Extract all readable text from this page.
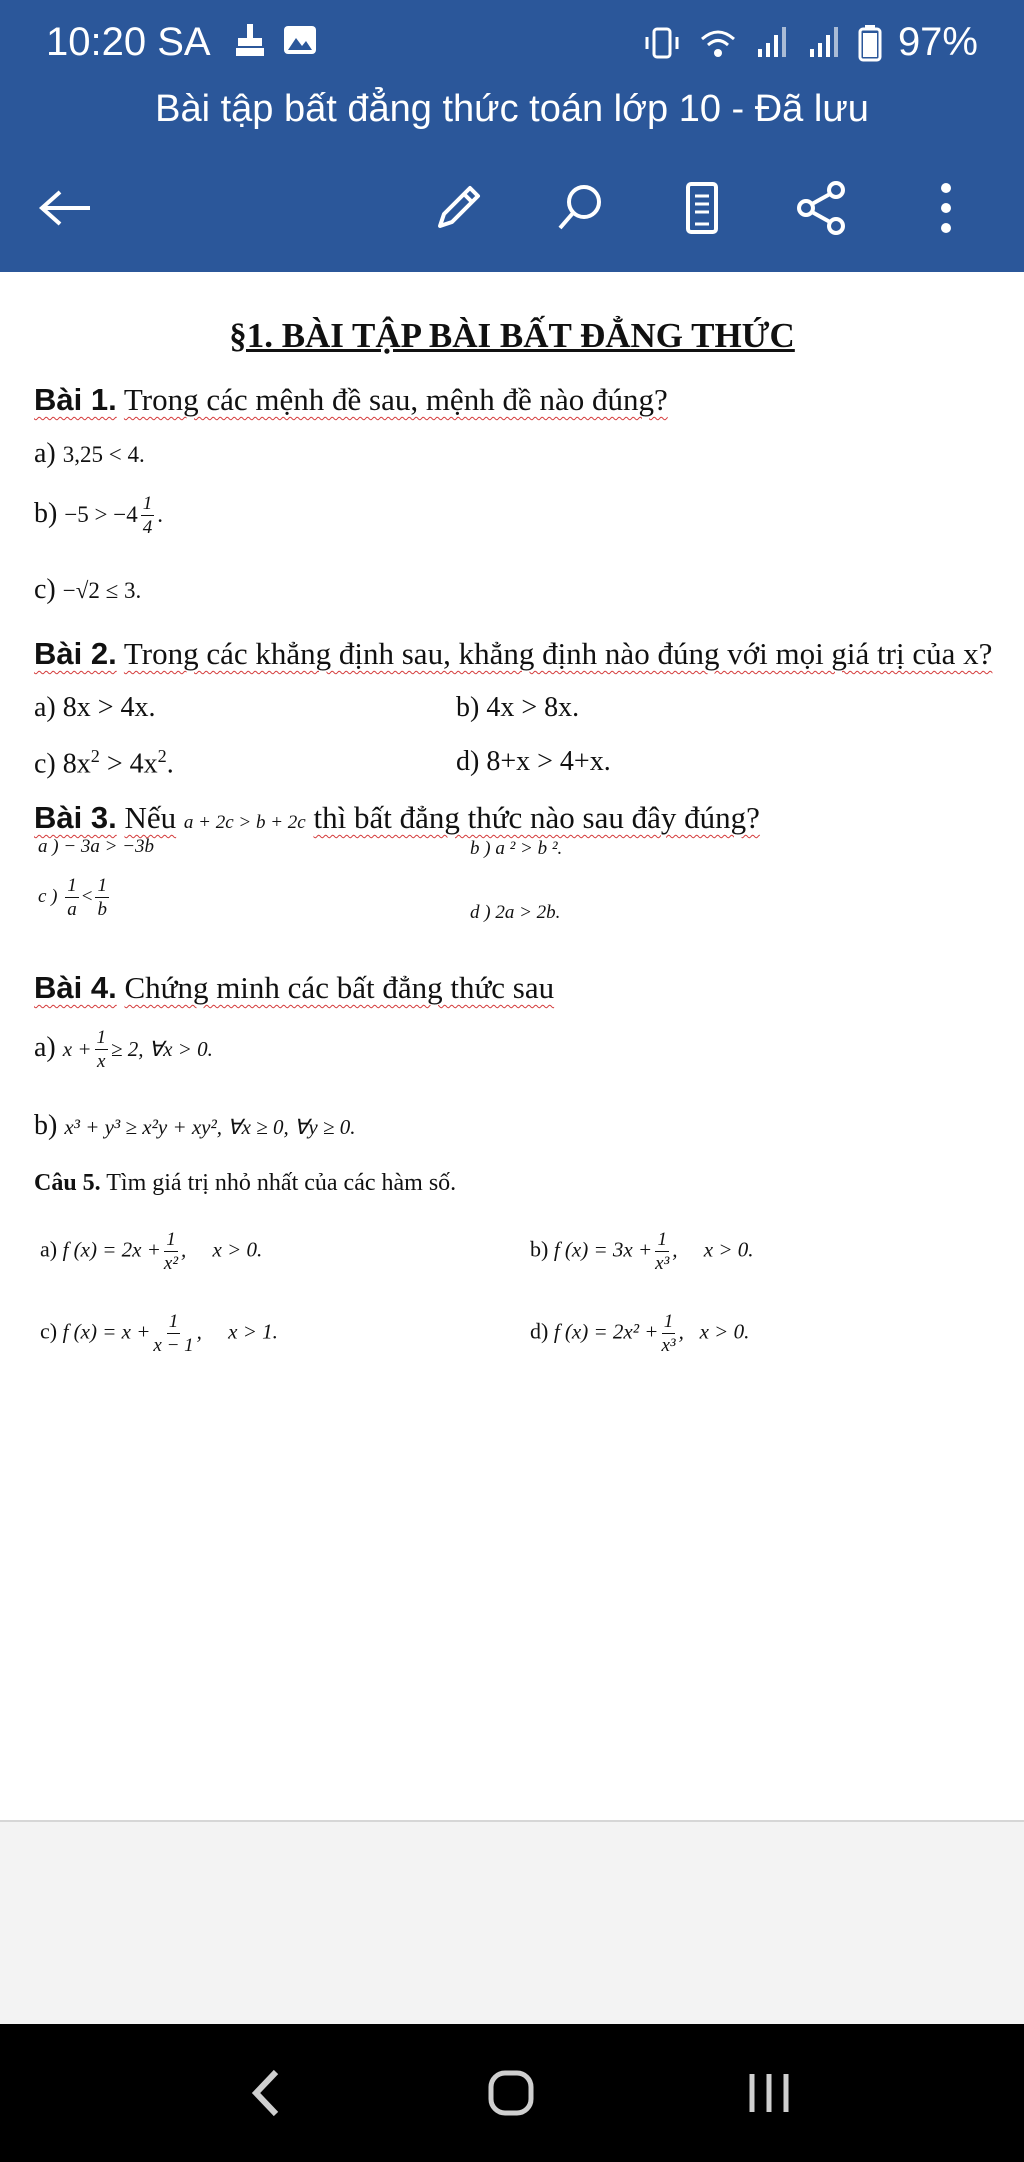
10:20 SA	97%
Bài tập bất đẳng thức toán lớp 10 - Đã lưu
§1. BÀI TẬP BÀI BẤT ĐẲNG THỨC
Bài 1. Trong các mệnh đề sau, mệnh đề nào đúng?
a) 3,25 < 4.
$b) -5 > -4 \frac{1}{4}$ .
c) −√2 ≤ 3.
Bài 2. Trong các khẳng định sau, khẳng định nào đúng với mọi giá trị của x?
a) 8x > 4x.	b) 4x > 8x.
c) $8x^2 > 4x^2$.	d) 8+x > 4+x.
Bài 3. Nếu a + 2c > b + 2c thì bất đẳng thức nào sau đây đúng?
a ) − 3a > −3b	b ) a ² > b ².
c ) $\frac{1}{a} < \frac{1}{b}$	d ) 2a > 2b.
Bài 4. Chứng minh các bất đẳng thức sau
a) $x + \frac{1}{x} \ge 2$, ∀x > 0.
b) x³ + y³ ≥ x²y + xy², ∀x ≥ 0, ∀y ≥ 0.
Câu 5. Tìm giá trị nhỏ nhất của các hàm số.
a) f $(x) = 2x + \frac{1}{\text{x²}}$ ,     x > 0.	b) f $(x) = 3x + \frac{1}{\text{x³}}$ ,     x > 0.
c) f $(x) = x + \frac{1}{x - 1}$ ,     x > 1.	d) f $(x) = 2x^2 + \frac{1}{\text{x³}}$ ,   x > 0.
